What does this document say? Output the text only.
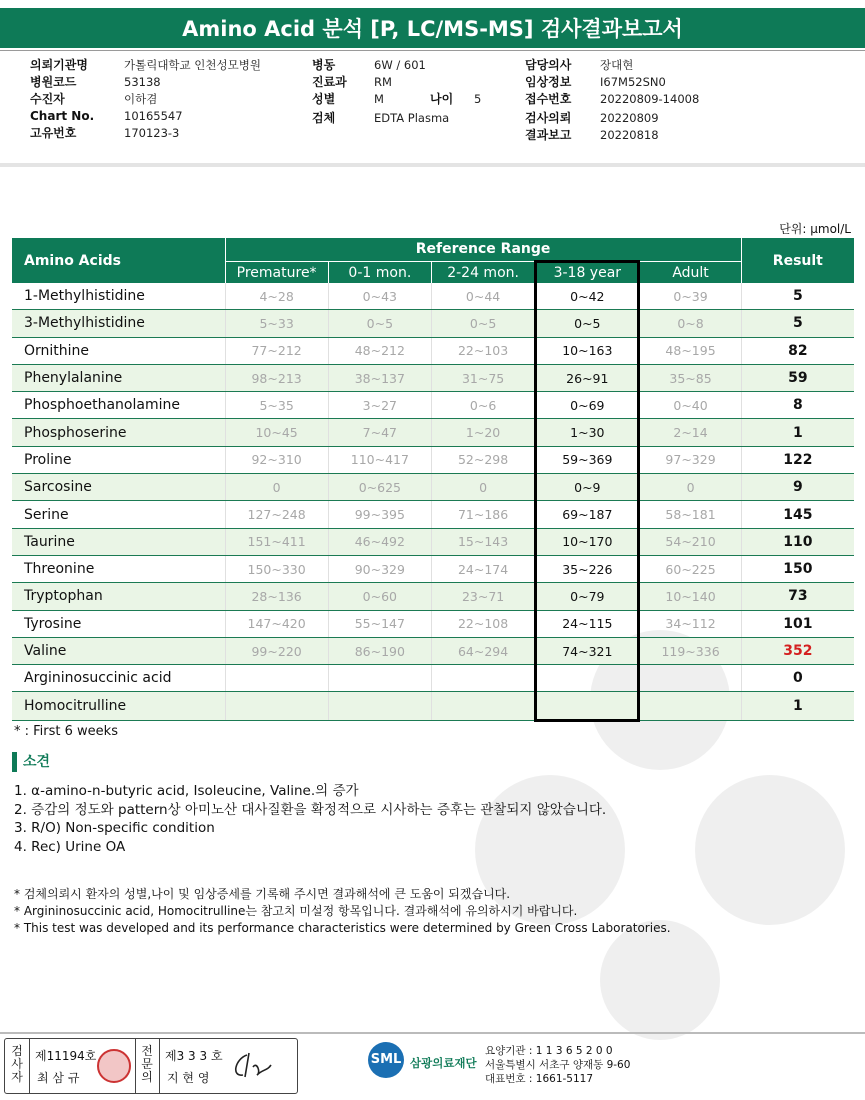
Amino Acid 분석 [P, LC/MS-MS] 검사결과보고서
의뢰기관명	가톨릭대학교 인천성모병원
병원코드	53138
수진자	이하겸
Chart No.	10165547
고유번호	170123-3
병동	6W / 601
진료과	RM
성별	M	나이	5
검체	EDTA Plasma
담당의사	장대현
임상정보	I67M52SN0
접수번호	20220809-14008
검사의뢰	20220809
결과보고	20220818
단위: μmol/L
Amino Acids	Reference Range					Result
	Premature*	0-1 mon.	2-24 mon.	3-18 year	Adult	
1-Methylhistidine	4~28	0~43	0~44	0~42	0~39	5
3-Methylhistidine	5~33	0~5	0~5	0~5	0~8	5
Ornithine	77~212	48~212	22~103	10~163	48~195	82
Phenylalanine	98~213	38~137	31~75	26~91	35~85	59
Phosphoethanolamine	5~35	3~27	0~6	0~69	0~40	8
Phosphoserine	10~45	7~47	1~20	1~30	2~14	1
Proline	92~310	110~417	52~298	59~369	97~329	122
Sarcosine	0	0~625	0	0~9	0	9
Serine	127~248	99~395	71~186	69~187	58~181	145
Taurine	151~411	46~492	15~143	10~170	54~210	110
Threonine	150~330	90~329	24~174	35~226	60~225	150
Tryptophan	28~136	0~60	23~71	0~79	10~140	73
Tyrosine	147~420	55~147	22~108	24~115	34~112	101
Valine	99~220	86~190	64~294	74~321	119~336	352
Argininosuccinic acid						0
Homocitrulline						1
* : First 6 weeks
소견
1. α-amino-n-butyric acid, Isoleucine, Valine.의 증가
2. 증감의 정도와 pattern상 아미노산 대사질환을 확정적으로 시사하는 증후는 관찰되지 않았습니다.
3. R/O) Non-specific condition
4. Rec) Urine OA
* 검체의뢰시 환자의 성별,나이 및 임상증세를 기록해 주시면 결과해석에 큰 도움이 되겠습니다.
* Argininosuccinic acid, Homocitrulline는 참고치 미설정 항목입니다. 결과해석에 유의하시기 바랍니다.
* This test was developed and its performance characteristics were determined by Green Cross Laboratories.
검
사
자
제11194호
최 삼 규
전
문
의
제3 3 3 호
지 현 영
SML 삼광의료재단
요양기관 : 1 1 3 6 5 2 0 0
서울특별시 서초구 양재동 9-60
대표번호 : 1661-5117
